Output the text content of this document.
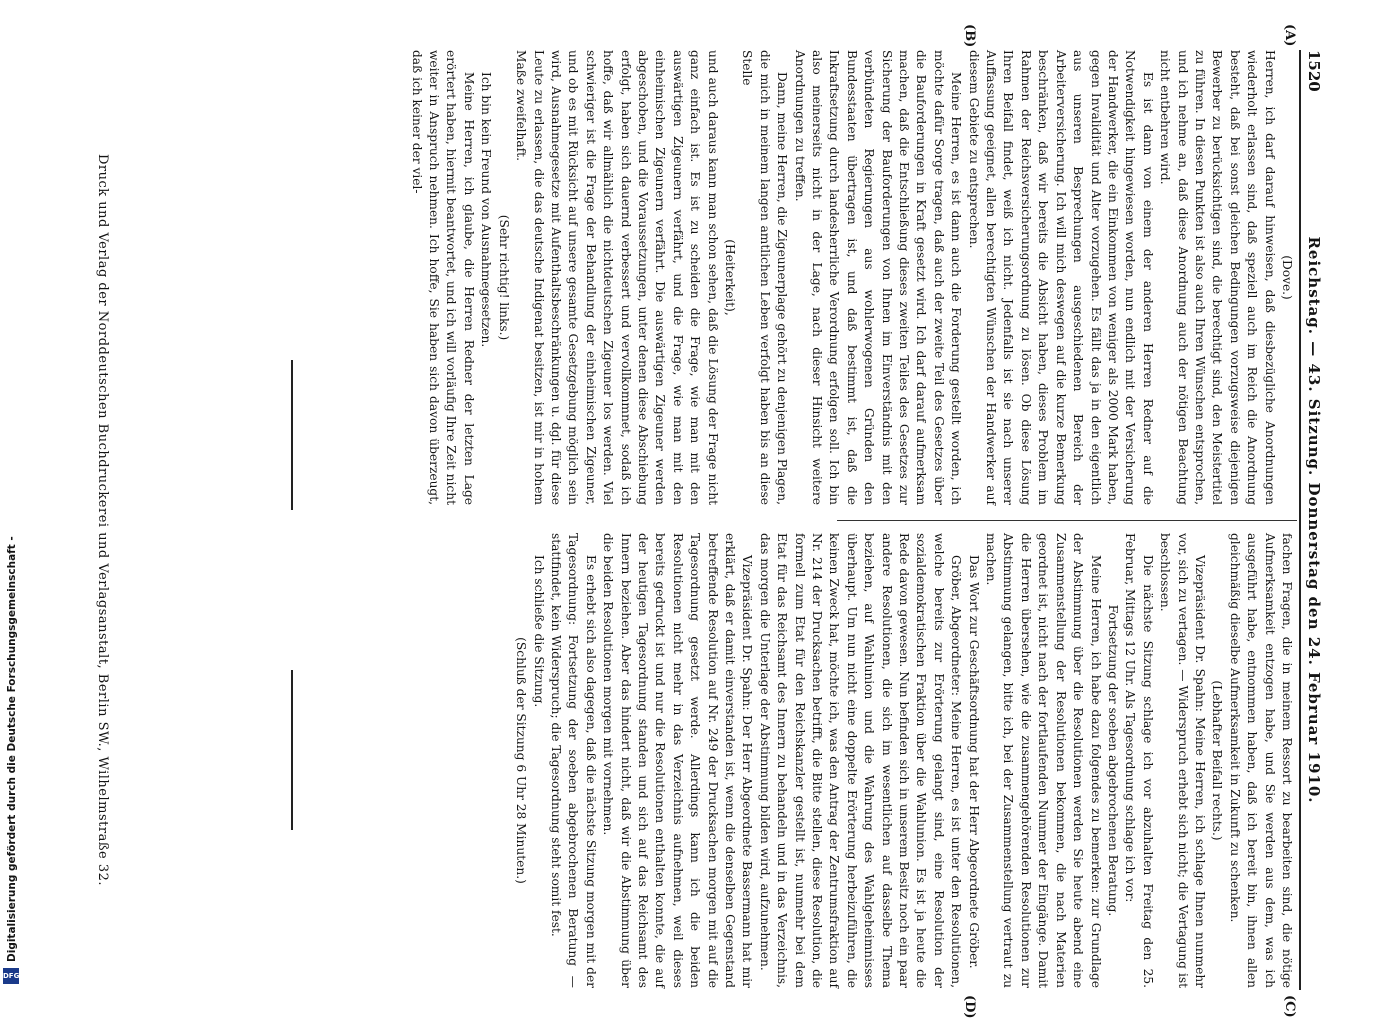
1520
Reichstag. — 43. Sitzung. Donnerstag den 24. Februar 1910.
(A)
(B)
(C)
(D)

(Dove.)

Herren, ich darf darauf hinweisen, daß diesbezügliche Anordnungen wiederholt erlassen sind, daß speziell auch im Reich die Anordnung besteht, daß bei sonst gleichen Bedingungen vorzugsweise diejenigen Bewerber zu berücksichtigen sind, die berechtigt sind, den Meistertitel zu führen. In diesen Punkten ist also auch Ihren Wünschen entsprochen, und ich nehme an, daß diese Anordnung auch der nötigen Beachtung nicht entbehren wird.

Es ist dann von einem der anderen Herren Redner auf die Notwendigkeit hingewiesen worden, nun endlich mit der Versicherung der Handwerker, die ein Einkommen von weniger als 2000 Mark haben, gegen Invalidität und Alter vorzugehen. Es fällt das ja in den eigentlich aus unseren Besprechungen ausgeschiedenen Bereich der Arbeiterversicherung. Ich will mich deswegen auf die kurze Bemerkung beschränken, daß wir bereits die Absicht haben, dieses Problem im Rahmen der Reichsversicherungsordnung zu lösen. Ob diese Lösung Ihren Beifall findet, weiß ich nicht. Jedenfalls ist sie nach unserer Auffassung geeignet, allen berechtigten Wünschen der Handwerker auf diesem Gebiete zu entsprechen.

Meine Herren, es ist dann auch die Forderung gestellt worden, ich möchte dafür Sorge tragen, daß auch der zweite Teil des Gesetzes über die Bauforderungen in Kraft gesetzt wird. Ich darf darauf aufmerksam machen, daß die Entschließung dieses zweiten Teiles des Gesetzes zur Sicherung der Bauforderungen von Ihnen im Einverständnis mit den verbündeten Regierungen aus wohlerwogenen Gründen den Bundesstaaten übertragen ist, und daß bestimmt ist, daß die Inkraftsetzung durch landesherrliche Verordnung erfolgen soll. Ich bin also meinerseits nicht in der Lage, nach dieser Hinsicht weitere Anordnungen zu treffen.

Dann, meine Herren, die Zigeunerplage gehört zu denjenigen Plagen, die mich in meinem langen amtlichen Leben verfolgt haben bis an diese Stelle

(Heiterkeit),

und auch daraus kann man schon sehen, daß die Lösung der Frage nicht ganz einfach ist. Es ist zu scheiden die Frage, wie man mit den auswärtigen Zigeunern verfährt, und die Frage, wie man mit den einheimischen Zigeunern verfährt. Die auswärtigen Zigeuner werden abgeschoben, und die Voraussetzungen, unter denen diese Abschiebung erfolgt, haben sich dauernd verbessert und vervollkommnet, sodaß ich hoffe, daß wir allmählich die nichtdeutschen Zigeuner los werden. Viel schwieriger ist die Frage der Behandlung der einheimischen Zigeuner, und ob es mit Rücksicht auf unsere gesamte Gesetzgebung möglich sein wird, Ausnahmegesetze mit Aufenthaltsbeschränkungen u. dgl. für diese Leute zu erlassen, die das deutsche Indigenat besitzen, ist mir in hohem Maße zweifelhaft.

(Sehr richtig! links.)

Ich bin kein Freund von Ausnahmegesetzen.

Meine Herren, ich glaube, die Herren Redner der letzten Lage erörtert haben, hiermit beantwortet, und ich will vorläufig Ihre Zeit nicht weiter in Anspruch nehmen. Ich hoffe, Sie haben sich davon überzeugt, daß ich keiner der viel-

fachen Fragen, die in meinem Ressort zu bearbeiten sind, die nötige Aufmerksamkeit entzogen habe, und Sie werden aus dem, was ich ausgeführt habe, entnommen haben, daß ich bereit bin, ihnen allen gleichmäßig dieselbe Aufmerksamkeit in Zukunft zu schenken.

(Lebhafter Beifall rechts.)

Vizepräsident Dr. Spahn: Meine Herren, ich schlage Ihnen nunmehr vor, sich zu vertagen. — Widerspruch erhebt sich nicht; die Vertagung ist beschlossen.

Die nächste Sitzung schlage ich vor abzuhalten Freitag den 25. Februar, Mittags 12 Uhr. Als Tagesordnung schlage ich vor:

Fortsetzung der soeben abgebrochenen Beratung.

Meine Herren, ich habe dazu folgendes zu bemerken: zur Grundlage der Abstimmung über die Resolutionen werden Sie heute abend eine Zusammenstellung der Resolutionen bekommen, die nach Materien geordnet ist, nicht nach der fortlaufenden Nummer der Eingänge. Damit die Herren übersehen, wie die zusammengehörenden Resolutionen zur Abstimmung gelangen, bitte ich, bei der Zusammenstellung vertraut zu machen.

Das Wort zur Geschäftsordnung hat der Herr Abgeordnete Gröber.

Gröber, Abgeordneter: Meine Herren, es ist unter den Resolutionen, welche bereits zur Erörterung gelangt sind, eine Resolution der sozialdemokratischen Fraktion über die Wahlunion. Es ist ja heute die Rede davon gewesen. Nun befinden sich in unserem Besitz noch ein paar andere Resolutionen, die sich im wesentlichen auf dasselbe Thema beziehen, auf Wahlunion und die Wahrung des Wahlgeheimnisses überhaupt. Um nun nicht eine doppelte Erörterung herbeizuführen, die keinen Zweck hat, möchte ich, was den Antrag der Zentrumsfraktion auf Nr. 214 der Drucksachen betrifft, die Bitte stellen, diese Resolution, die formell zum Etat für den Reichskanzler gestellt ist, nunmehr bei dem Etat für das Reichsamt des Innern zu behandeln und in das Verzeichnis, das morgen die Unterlage der Abstimmung bilden wird, aufzunehmen.

Vizepräsident Dr. Spahn: Der Herr Abgeordnete Bassermann hat mir erklärt, daß er damit einverstanden ist, wenn die denselben Gegenstand betreffende Resolution auf Nr. 249 der Drucksachen morgen mit auf die Tagesordnung gesetzt werde. Allerdings kann ich die beiden Resolutionen nicht mehr in das Verzeichnis aufnehmen, weil dieses bereits gedruckt ist und nur die Resolutionen enthalten konnte, die auf der heutigen Tagesordnung standen und sich auf das Reichsamt des Innern beziehen. Aber das hindert nicht, daß wir die Abstimmung über die beiden Resolutionen morgen mit vornehmen.

Es erhebt sich also dagegen, daß die nächste Sitzung morgen mit der Tagesordnung: Fortsetzung der soeben abgebrochenen Beratung — stattfindet, kein Widerspruch; die Tagesordnung steht somit fest.

Ich schließe die Sitzung.

(Schluß der Sitzung 6 Uhr 28 Minuten.)

Druck und Verlag der Norddeutschen Buchdruckerei und Verlagsanstalt, Berlin SW., Wilhelmstraße 32.
DFG
Digitalisierung gefördert durch die Deutsche Forschungsgemeinschaft -
